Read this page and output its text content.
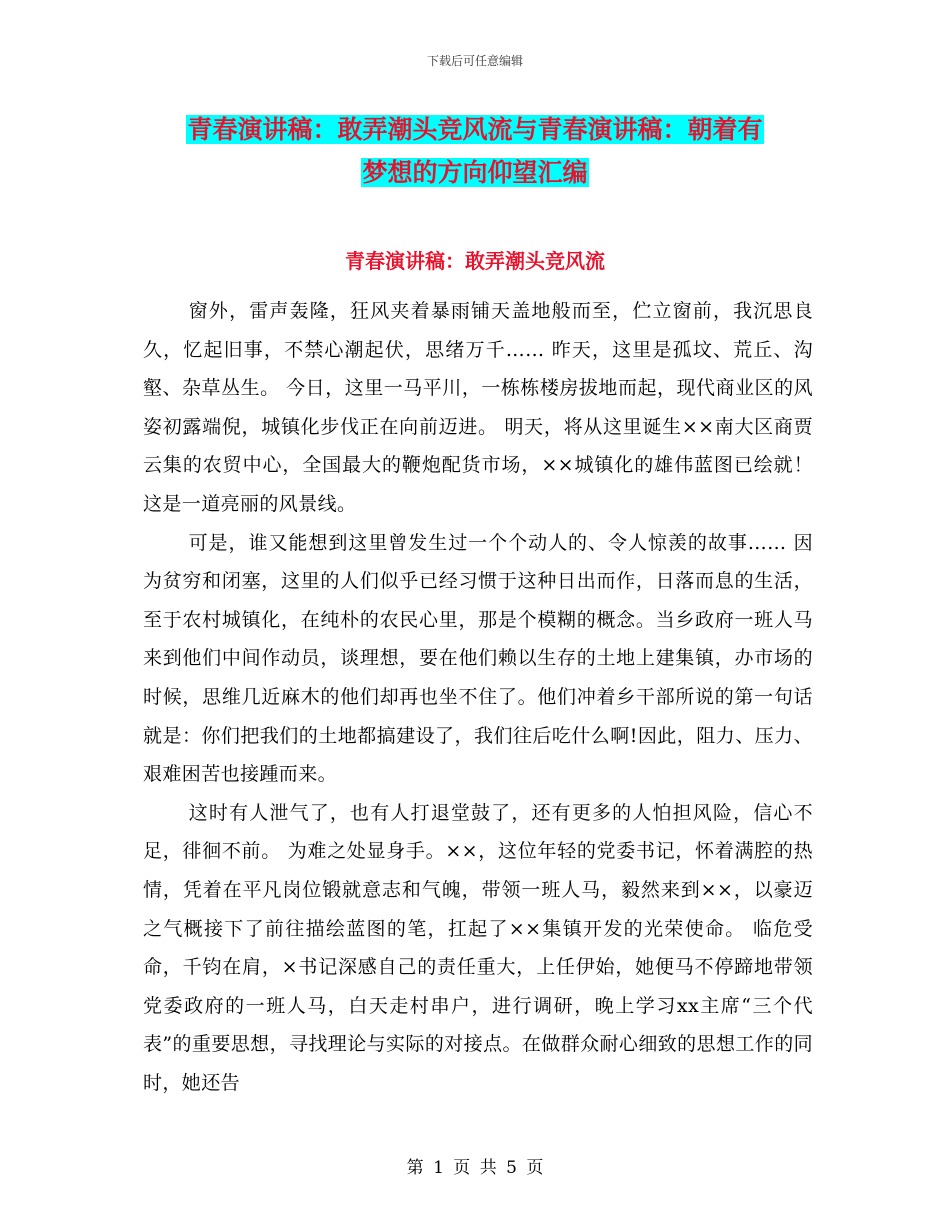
下载后可任意编辑
青春演讲稿：敢弄潮头竞风流与青春演讲稿：朝着有
梦想的方向仰望汇编
青春演讲稿：敢弄潮头竞风流

窗外，雷声轰隆，狂风夹着暴雨铺天盖地般而至，伫立窗前，我沉思良久，忆起旧事，不禁心潮起伏，思绪万千…… 昨天，这里是孤坟、荒丘、沟壑、杂草丛生。 今日，这里一马平川，一栋栋楼房拔地而起，现代商业区的风姿初露端倪，城镇化步伐正在向前迈进。 明天，将从这里诞生××南大区商贾云集的农贸中心，全国最大的鞭炮配货市场，××城镇化的雄伟蓝图已绘就！这是一道亮丽的风景线。

可是，谁又能想到这里曾发生过一个个动人的、令人惊羡的故事…… 因为贫穷和闭塞，这里的人们似乎已经习惯于这种日出而作，日落而息的生活，至于农村城镇化，在纯朴的农民心里，那是个模糊的概念。当乡政府一班人马来到他们中间作动员，谈理想，要在他们赖以生存的土地上建集镇，办市场的时候，思维几近麻木的他们却再也坐不住了。他们冲着乡干部所说的第一句话就是：你们把我们的土地都搞建设了，我们往后吃什么啊!因此，阻力、压力、艰难困苦也接踵而来。

这时有人泄气了，也有人打退堂鼓了，还有更多的人怕担风险，信心不足，徘徊不前。 为难之处显身手。××，这位年轻的党委书记，怀着满腔的热情，凭着在平凡岗位锻就意志和气魄，带领一班人马，毅然来到××，以豪迈之气概接下了前往描绘蓝图的笔，扛起了××集镇开发的光荣使命。 临危受命，千钧在肩，×书记深感自己的责任重大，上任伊始，她便马不停蹄地带领党委政府的一班人马，白天走村串户，进行调研，晚上学习xx主席“三个代表”的重要思想，寻找理论与实际的对接点。在做群众耐心细致的思想工作的同时，她还告

第 1 页 共 5 页
